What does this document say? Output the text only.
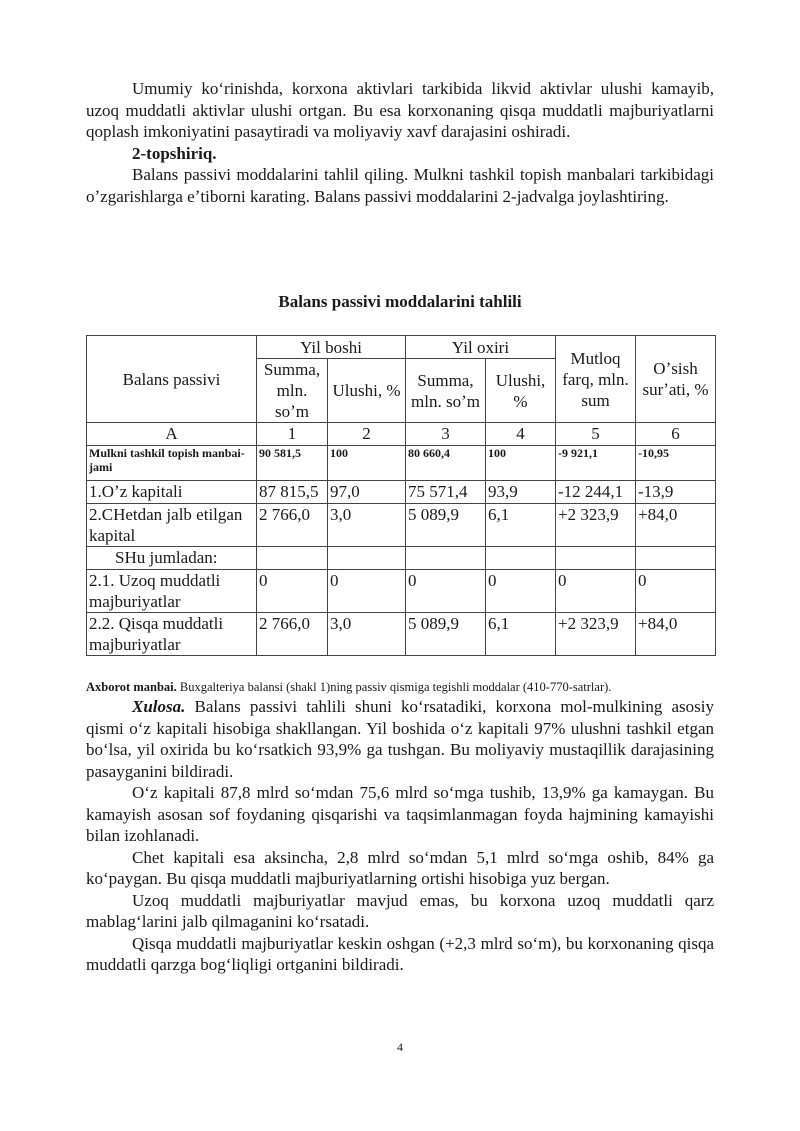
Umumiy koʻrinishda, korxona aktivlari tarkibida likvid aktivlar ulushi kamayib, uzoq muddatli aktivlar ulushi ortgan. Bu esa korxonaning qisqa muddatli majburiyatlarni qoplash imkoniyatini pasaytiradi va moliyaviy xavf darajasini oshiradi.

2-topshiriq.

Balans passivi moddalarini tahlil qiling. Mulkni tashkil topish manbalari tarkibidagi oʼzgarishlarga eʼtiborni karating. Balans passivi moddalarini 2-jadvalga joylashtiring.

Balans passivi moddalarini tahlili
Balans passivi	Yil boshi		Yil oxiri		Mutloq farq, mln. sum	Oʼsish surʼati, %
	Summa, mln. soʼm	Ulushi, %	Summa, mln. soʼm	Ulushi, %		
A	1	2	3	4	5	6
Mulkni tashkil topish manbai-jami	90 581,5	100	80 660,4	100	-9 921,1	-10,95
1.Oʼz kapitali	87 815,5	97,0	75 571,4	93,9	-12 244,1	-13,9
2.CHetdan jalb etilgan kapital	2 766,0	3,0	5 089,9	6,1	+2 323,9	+84,0
SHu jumladan:						
2.1. Uzoq muddatli majburiyatlar	0	0	0	0	0	0
2.2. Qisqa muddatli majburiyatlar	2 766,0	3,0	5 089,9	6,1	+2 323,9	+84,0
Axborot manbai. Buxgalteriya balansi (shakl 1)ning passiv qismiga tegishli moddalar (410-770-satrlar).

Xulosa. Balans passivi tahlili shuni koʻrsatadiki, korxona mol-mulkining asosiy qismi oʻz kapitali hisobiga shakllangan. Yil boshida oʻz kapitali 97% ulushni tashkil etgan boʻlsa, yil oxirida bu koʻrsatkich 93,9% ga tushgan. Bu moliyaviy mustaqillik darajasining pasayganini bildiradi.

Oʻz kapitali 87,8 mlrd soʻmdan 75,6 mlrd soʻmga tushib, 13,9% ga kamaygan. Bu kamayish asosan sof foydaning qisqarishi va taqsimlanmagan foyda hajmining kamayishi bilan izohlanadi.

Chet kapitali esa aksincha, 2,8 mlrd soʻmdan 5,1 mlrd soʻmga oshib, 84% ga koʻpaygan. Bu qisqa muddatli majburiyatlarning ortishi hisobiga yuz bergan.

Uzoq muddatli majburiyatlar mavjud emas, bu korxona uzoq muddatli qarz mablagʻlarini jalb qilmaganini koʻrsatadi.

Qisqa muddatli majburiyatlar keskin oshgan (+2,3 mlrd soʻm), bu korxonaning qisqa muddatli qarzga bogʻliqligi ortganini bildiradi.

4
